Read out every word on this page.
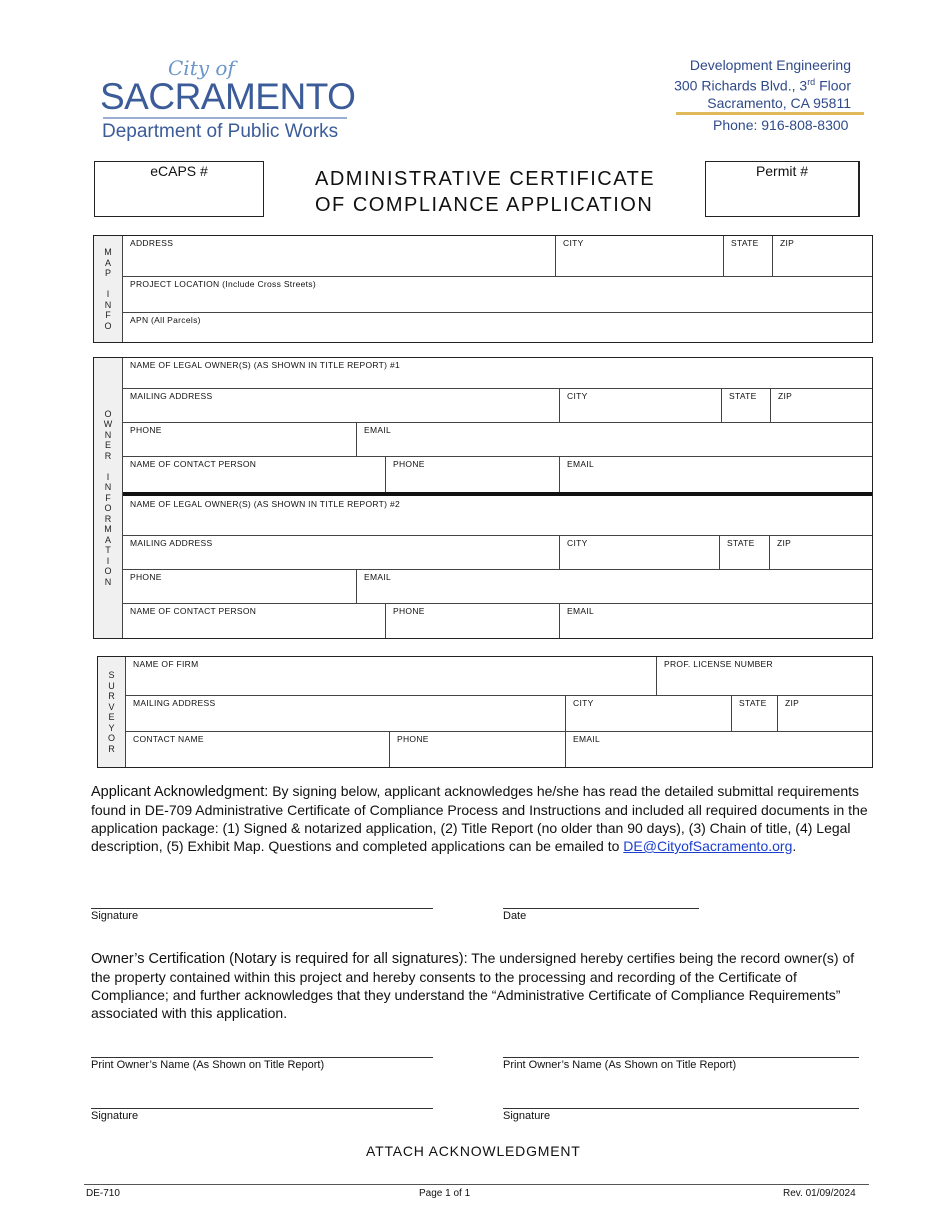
City of
SACRAMENTO
Department of Public Works
Development Engineering
300 Richards Blvd., 3rd Floor
Sacramento, CA 95811
Phone: 916-808-8300
eCAPS #	ADMINISTRATIVE CERTIFICATE
OF COMPLIANCE APPLICATION
Permit #
M
A
P

I
N
F
O
ADDRESS	CITY	STATE	ZIP
PROJECT LOCATION (Include Cross Streets)
APN (All Parcels)
O
W
N
E
R

I
N
F
O
R
M
A
T
I
O
N
NAME OF LEGAL OWNER(S) (AS SHOWN IN TITLE REPORT) #1
MAILING ADDRESS	CITY	STATE	ZIP
PHONE	EMAIL
NAME OF CONTACT PERSON	PHONE	EMAIL
NAME OF LEGAL OWNER(S) (AS SHOWN IN TITLE REPORT) #2
MAILING ADDRESS	CITY	STATE	ZIP
PHONE	EMAIL
NAME OF CONTACT PERSON	PHONE	EMAIL
S
U
R
V
E
Y
O
R
NAME OF FIRM	PROF. LICENSE NUMBER
MAILING ADDRESS	CITY	STATE ZIP
CONTACT NAME	PHONE	EMAIL
Applicant Acknowledgment: By signing below, applicant acknowledges he/she has read the detailed submittal requirements found in DE-709 Administrative Certificate of Compliance Process and Instructions and included all required documents in the application package: (1) Signed & notarized application, (2) Title Report (no older than 90 days), (3) Chain of title, (4) Legal description, (5) Exhibit Map. Questions and completed applications can be emailed to DE@CityofSacramento.org.
Signature	Date
Owner’s Certification (Notary is required for all signatures): The undersigned hereby certifies being the record owner(s) of the property contained within this project and hereby consents to the processing and recording of the Certificate of Compliance; and further acknowledges that they understand the “Administrative Certificate of Compliance Requirements” associated with this application.
Print Owner’s Name (As Shown on Title Report)	Print Owner’s Name (As Shown on Title Report)
Signature	Signature
ATTACH ACKNOWLEDGMENT
DE-710	Page 1 of 1	Rev. 01/09/2024
